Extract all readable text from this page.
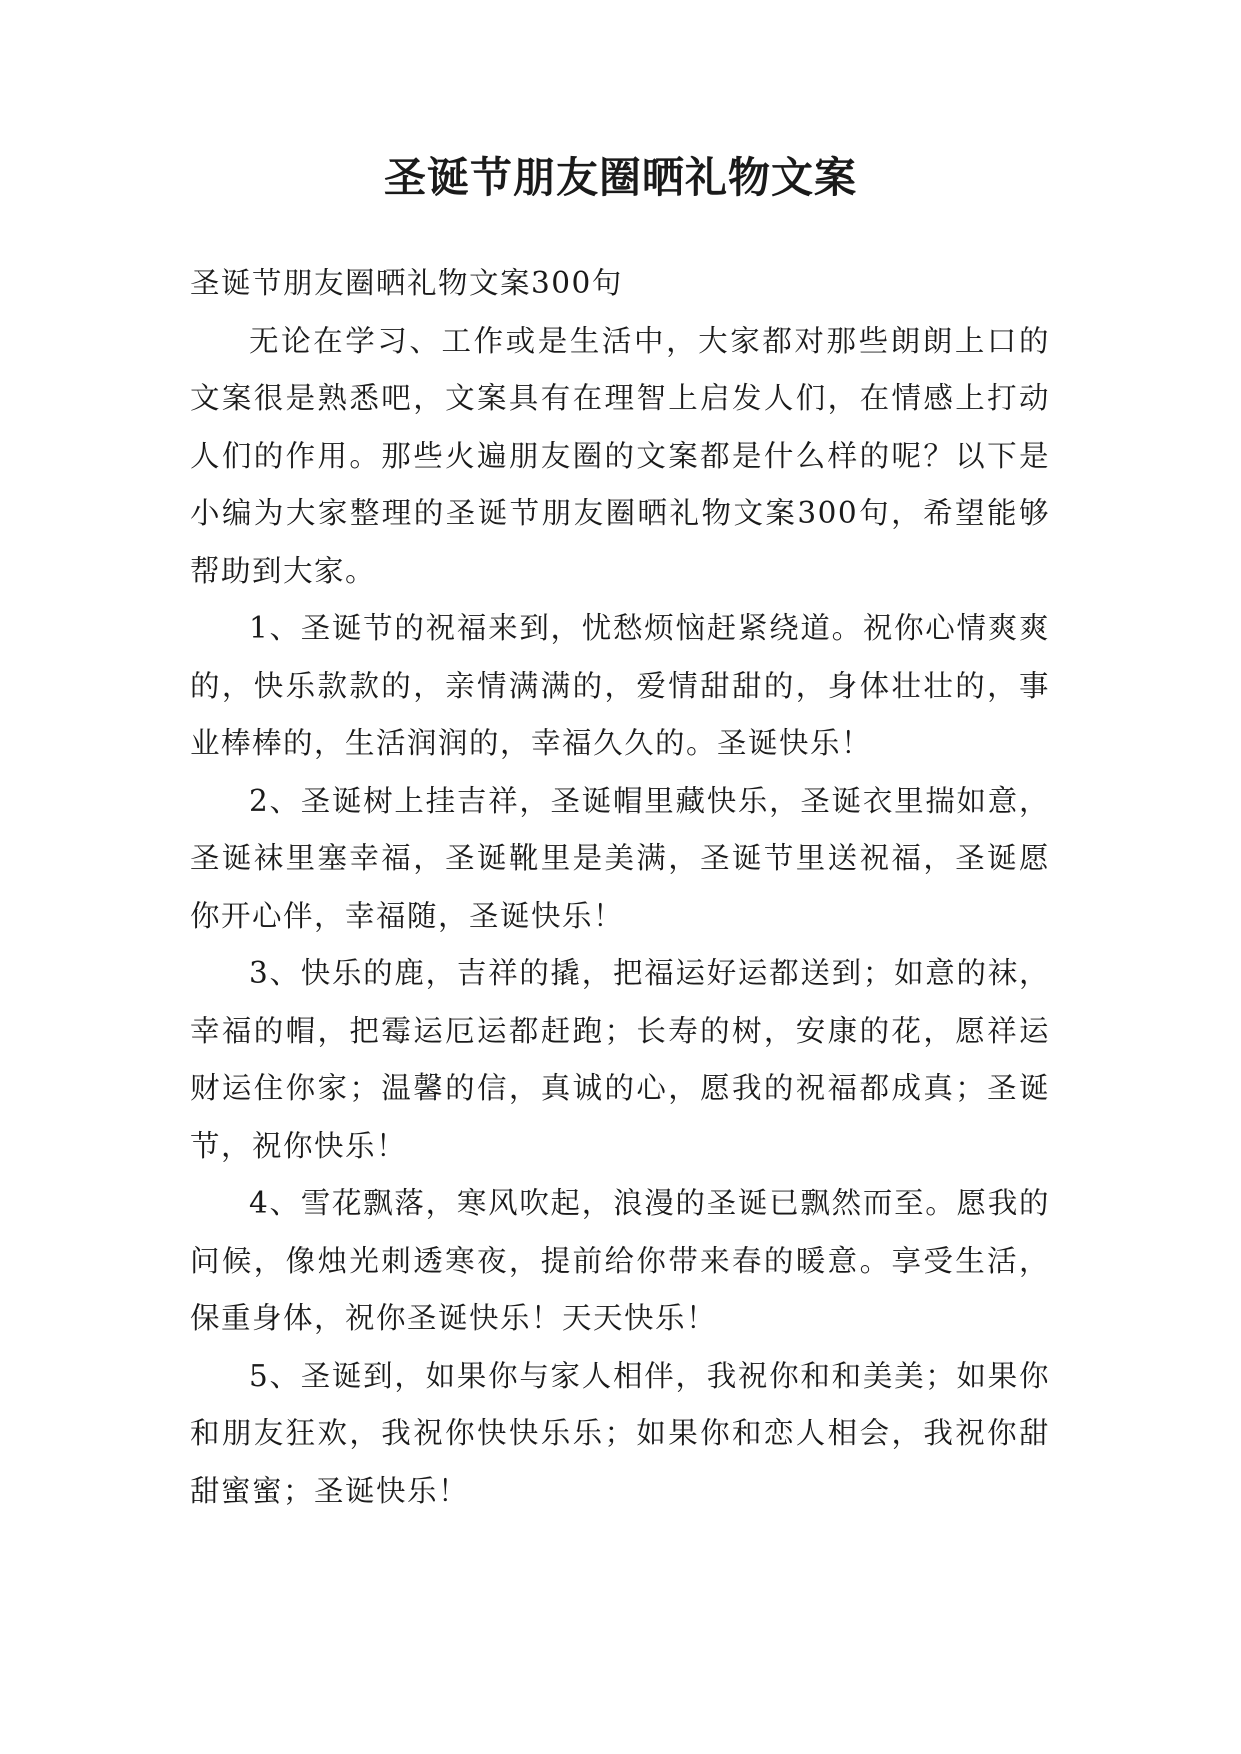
圣诞节朋友圈晒礼物文案

圣诞节朋友圈晒礼物文案300句

无论在学习、工作或是生活中，大家都对那些朗朗上口的文案很是熟悉吧，文案具有在理智上启发人们，在情感上打动人们的作用。那些火遍朋友圈的文案都是什么样的呢？以下是小编为大家整理的圣诞节朋友圈晒礼物文案300句，希望能够帮助到大家。

1、圣诞节的祝福来到，忧愁烦恼赶紧绕道。祝你心情爽爽的，快乐款款的，亲情满满的，爱情甜甜的，身体壮壮的，事业棒棒的，生活润润的，幸福久久的。圣诞快乐！

2、圣诞树上挂吉祥，圣诞帽里藏快乐，圣诞衣里揣如意，圣诞袜里塞幸福，圣诞靴里是美满，圣诞节里送祝福，圣诞愿你开心伴，幸福随，圣诞快乐！

3、快乐的鹿，吉祥的撬，把福运好运都送到；如意的袜，幸福的帽，把霉运厄运都赶跑；长寿的树，安康的花，愿祥运财运住你家；温馨的信，真诚的心，愿我的祝福都成真；圣诞节，祝你快乐！

4、雪花飘落，寒风吹起，浪漫的圣诞已飘然而至。愿我的问候，像烛光刺透寒夜，提前给你带来春的暖意。享受生活，保重身体，祝你圣诞快乐！天天快乐！

5、圣诞到，如果你与家人相伴，我祝你和和美美；如果你和朋友狂欢，我祝你快快乐乐；如果你和恋人相会，我祝你甜甜蜜蜜；圣诞快乐！
